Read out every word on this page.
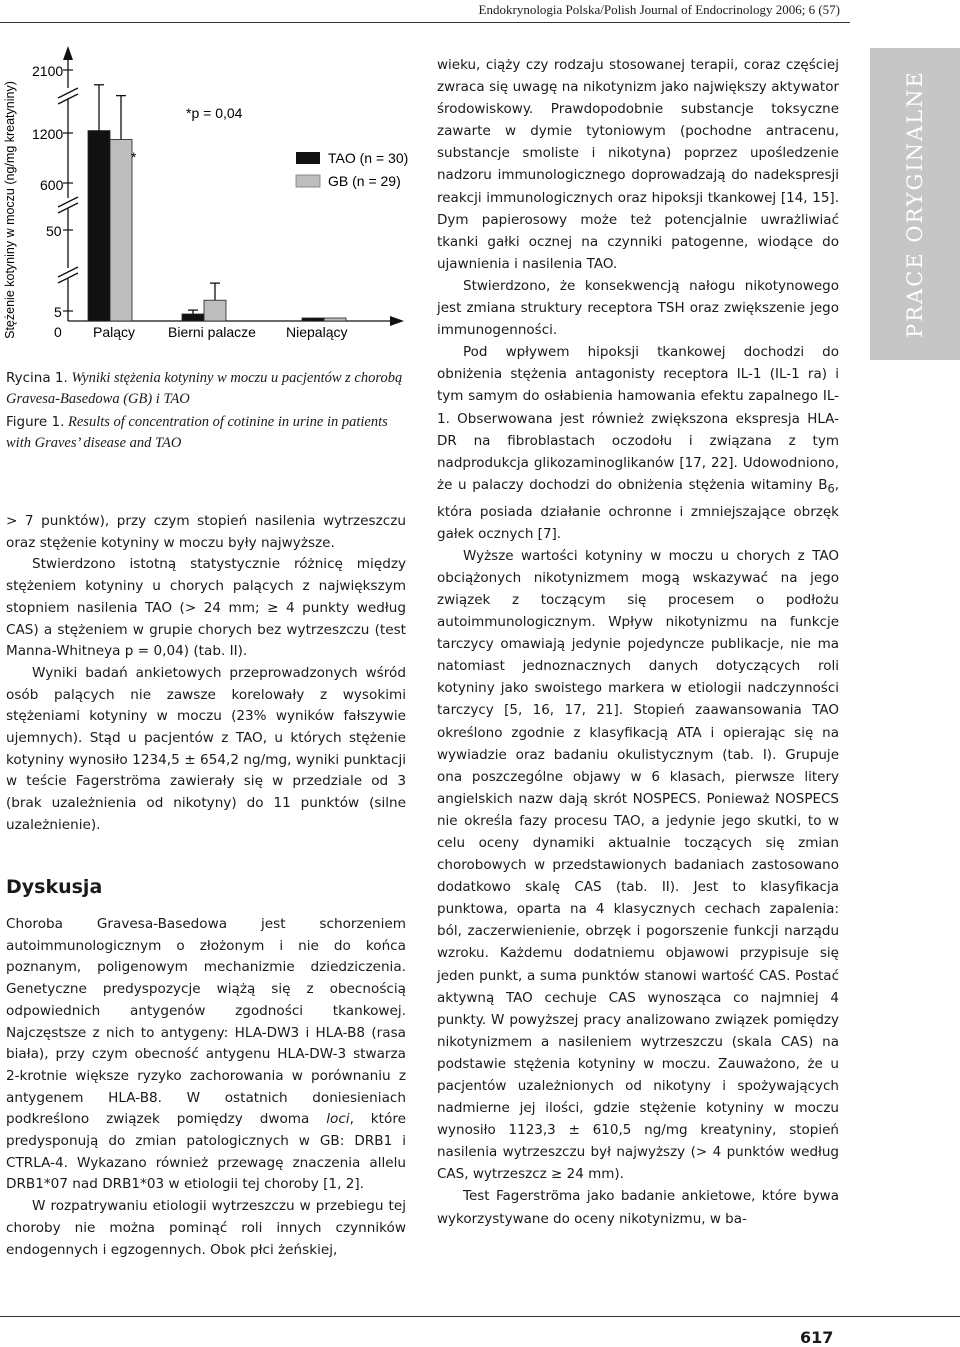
Endokrynologia Polska/Polish Journal of Endocrinology 2006; 6 (57)
PRACE ORYGINALNE
Stężenie kotyniny w moczu (ng/mg kreatyniny)
2100
1200
600
50
5
0 Palący Bierni palacze Niepalący
*p = 0,04
*	TAO (n = 30)
GB (n = 29)
Rycina 1. Wyniki stężenia kotyniny w moczu u pacjentów z chorobą Gravesa-Basedowa (GB) i TAO
Figure 1. Results of concentration of cotinine in urine in patients with Graves’ disease and TAO

> 7 punktów), przy czym stopień nasilenia wytrzeszczu oraz stężenie kotyniny w moczu były najwyższe.

Stwierdzono istotną statystycznie różnicę między stężeniem kotyniny u chorych palących z największym stopniem nasilenia TAO (> 24 mm; ≥ 4 punkty według CAS) a stężeniem w grupie chorych bez wytrzeszczu (test Manna-Whitneya p = 0,04) (tab. II).

Wyniki badań ankietowych przeprowadzonych wśród osób palących nie zawsze korelowały z wysokimi stężeniami kotyniny w moczu (23% wyników fałszywie ujemnych). Stąd u pacjentów z TAO, u których stężenie kotyniny wynosiło 1234,5 ± 654,2 ng/mg, wyniki punktacji w teście Fagerströma zawierały się w przedziale od 3 (brak uzależnienia od nikotyny) do 11 punktów (silne uzależnienie).

Dyskusja

Choroba Gravesa-Basedowa jest schorzeniem autoimmunologicznym o złożonym i nie do końca poznanym, poligenowym mechanizmie dziedziczenia. Genetyczne predyspozycje wiążą się z obecnością odpowiednich antygenów zgodności tkankowej. Najczęstsze z nich to antygeny: HLA-DW3 i HLA-B8 (rasa biała), przy czym obecność antygenu HLA-DW-3 stwarza 2-krotnie większe ryzyko zachorowania w porównaniu z antygenem HLA-B8. W ostatnich doniesieniach podkreślono związek pomiędzy dwoma loci, które predysponują do zmian patologicznych w GB: DRB1 i CTRLA-4. Wykazano również przewagę znaczenia allelu DRB1*07 nad DRB1*03 w etiologii tej choroby [1, 2].

W rozpatrywaniu etiologii wytrzeszczu w przebiegu tej choroby nie można pominąć roli innych czynników endogennych i egzogennych. Obok płci żeńskiej,

wieku, ciąży czy rodzaju stosowanej terapii, coraz częściej zwraca się uwagę na nikotynizm jako największy aktywator środowiskowy. Prawdopodobnie substancje toksyczne zawarte w dymie tytoniowym (pochodne antracenu, substancje smoliste i nikotyna) poprzez upośledzenie nadzoru immunologicznego doprowadzają do nadekspresji reakcji immunologicznych oraz hipoksji tkankowej [14, 15]. Dym papierosowy może też potencjalnie uwrażliwiać tkanki gałki ocznej na czynniki patogenne, wiodące do ujawnienia i nasilenia TAO.

Stwierdzono, że konsekwencją nałogu nikotynowego jest zmiana struktury receptora TSH oraz zwiększenie jego immunogenności.

Pod wpływem hipoksji tkankowej dochodzi do obniżenia stężenia antagonisty receptora IL-1 (IL-1 ra) i tym samym do osłabienia hamowania efektu zapalnego IL-1. Obserwowana jest również zwiększona ekspresja HLA-DR na fibroblastach oczodołu i związana z tym nadprodukcja glikozaminoglikanów [17, 22]. Udowodniono, że u palaczy dochodzi do obniżenia stężenia witaminy $B_6$, która posiada działanie ochronne i zmniejszające obrzęk gałek ocznych [7].

Wyższe wartości kotyniny w moczu u chorych z TAO obciążonych nikotynizmem mogą wskazywać na jego związek z toczącym się procesem o podłożu autoimmunologicznym. Wpływ nikotynizmu na funkcje tarczycy omawiają jedynie pojedyncze publikacje, nie ma natomiast jednoznacznych danych dotyczących roli kotyniny jako swoistego markera w etiologii nadczynności tarczycy [5, 16, 17, 21]. Stopień zaawansowania TAO określono zgodnie z klasyfikacją ATA i opierając się na wywiadzie oraz badaniu okulistycznym (tab. I). Grupuje ona poszczególne objawy w 6 klasach, pierwsze litery angielskich nazw dają skrót NOSPECS. Ponieważ NOSPECS nie określa fazy procesu TAO, a jedynie jego skutki, to w celu oceny dynamiki aktualnie toczących się zmian chorobowych w przedstawionych badaniach zastosowano dodatkowo skalę CAS (tab. II). Jest to klasyfikacja punktowa, oparta na 4 klasycznych cechach zapalenia: ból, zaczerwienienie, obrzęk i pogorszenie funkcji narządu wzroku. Każdemu dodatniemu objawowi przypisuje się jeden punkt, a suma punktów stanowi wartość CAS. Postać aktywną TAO cechuje CAS wynosząca co najmniej 4 punkty. W powyższej pracy analizowano związek pomiędzy nikotynizmem a nasileniem wytrzeszczu (skala CAS) na podstawie stężenia kotyniny w moczu. Zauważono, że u pacjentów uzależnionych od nikotyny i spożywających nadmierne jej ilości, gdzie stężenie kotyniny w moczu wynosiło 1123,3 ± 610,5 ng/mg kreatyniny, stopień nasilenia wytrzeszczu był najwyższy (> 4 punktów według CAS, wytrzeszcz ≥ 24 mm).

Test Fagerströma jako badanie ankietowe, które bywa wykorzystywane do oceny nikotynizmu, w ba-

617
